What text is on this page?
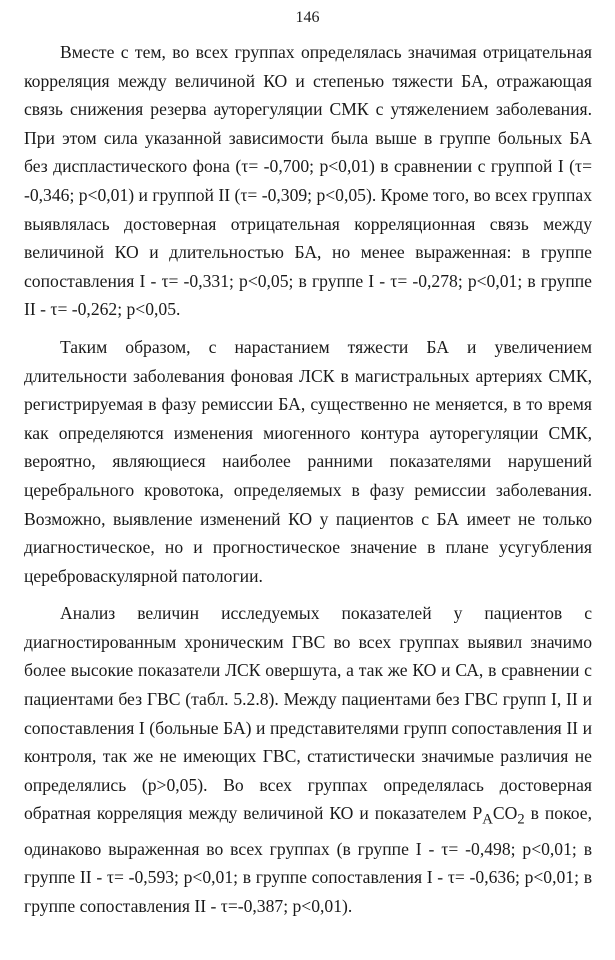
146

Вместе с тем, во всех группах определялась значимая отрицательная корреляция между величиной КО и степенью тяжести БА, отражающая связь снижения резерва ауторегуляции СМК с утяжелением заболевания. При этом сила указанной зависимости была выше в группе больных БА без диспластического фона (τ= -0,700; p<0,01) в сравнении с группой I (τ= -0,346; p<0,01) и группой II (τ= -0,309; p<0,05). Кроме того, во всех группах выявлялась достоверная отрицательная корреляционная связь между величиной КО и длительностью БА, но менее выраженная: в группе сопоставления I - τ= -0,331; p<0,05; в группе I - τ= -0,278; p<0,01; в группе II - τ= -0,262; p<0,05.

Таким образом, с нарастанием тяжести БА и увеличением длительности заболевания фоновая ЛСК в магистральных артериях СМК, регистрируемая в фазу ремиссии БА, существенно не меняется, в то время как определяются изменения миогенного контура ауторегуляции СМК, вероятно, являющиеся наиболее ранними показателями нарушений церебрального кровотока, определяемых в фазу ремиссии заболевания. Возможно, выявление изменений КО у пациентов с БА имеет не только диагностическое, но и прогностическое значение в плане усугубления цереброваскулярной патологии.

Анализ величин исследуемых показателей у пациентов с диагностированным хроническим ГВС во всех группах выявил значимо более высокие показатели ЛСК овершута, а так же КО и СА, в сравнении с пациентами без ГВС (табл. 5.2.8). Между пациентами без ГВС групп I, II и сопоставления I (больные БА) и представителями групп сопоставления II и контроля, так же не имеющих ГВС, статистически значимые различия не определялись (p>0,05). Во всех группах определялась достоверная обратная корреляция между величиной КО и показателем $P_ACO_2$ в покое, одинаково выраженная во всех группах (в группе I - τ= -0,498; p<0,01; в группе II - τ= -0,593; p<0,01; в группе сопоставления I - τ= -0,636; p<0,01; в группе сопоставления II - τ=-0,387; p<0,01).
